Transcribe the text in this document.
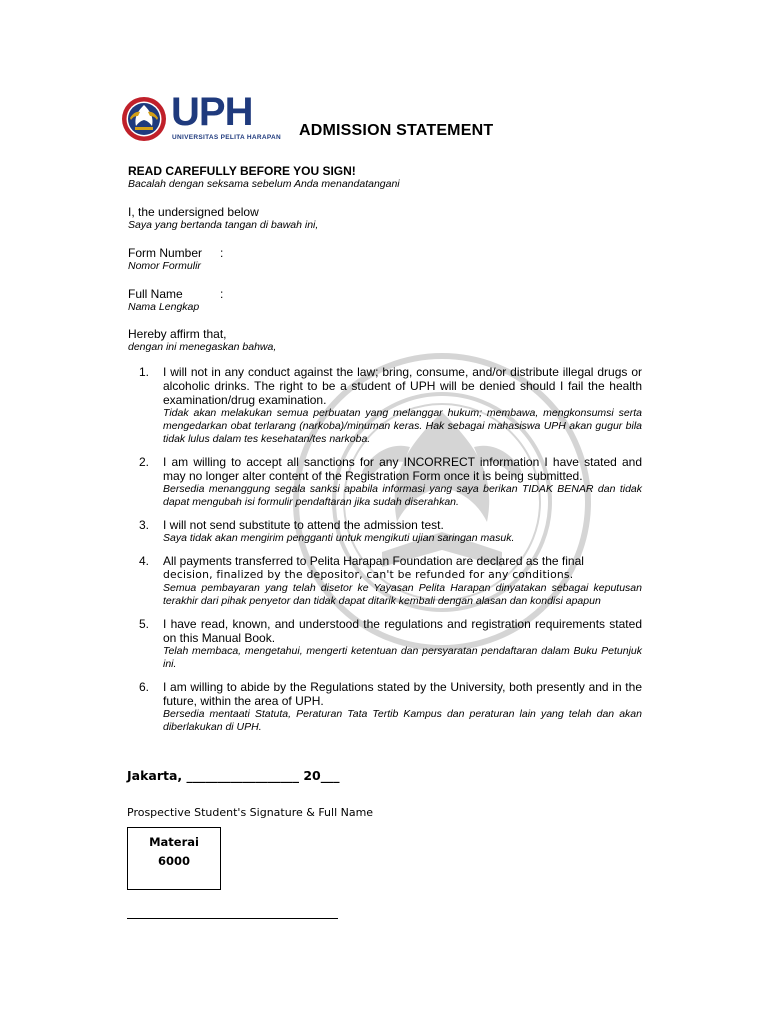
UPH
UNIVERSITAS PELITA HARAPAN ADMISSION STATEMENT
READ CAREFULLY BEFORE YOU SIGN!
Bacalah dengan seksama sebelum Anda menandatangani
I, the undersigned below
Saya yang bertanda tangan di bawah ini,
Form Number :
Nomor Formulir
Full Name	:
Nama Lengkap
Hereby affirm that,
dengan ini menegaskan bahwa,
1. I will not in any conduct against the law; bring, consume, and/or distribute illegal drugs or alcoholic drinks. The right to be a student of UPH will be denied should I fail the health examination/drug examination.
Tidak akan melakukan semua perbuatan yang melanggar hukum; membawa, mengkonsumsi serta mengedarkan obat terlarang (narkoba)/minuman keras. Hak sebagai mahasiswa UPH akan gugur bila tidak lulus dalam tes kesehatan/tes narkoba.
2. I am willing to accept all sanctions for any INCORRECT information I have stated and may no longer alter content of the Registration Form once it is being submitted.
Bersedia menanggung segala sanksi apabila informasi yang saya berikan TIDAK BENAR dan tidak dapat mengubah isi formulir pendaftaran jika sudah diserahkan.
3. I will not send substitute to attend the admission test.
Saya tidak akan mengirim pengganti untuk mengikuti ujian saringan masuk.
4. All payments transferred to Pelita Harapan Foundation are declared as the final
decision, finalized by the depositor, can't be refunded for any conditions.
Semua pembayaran yang telah disetor ke Yayasan Pelita Harapan dinyatakan sebagai keputusan terakhir dari pihak penyetor dan tidak dapat ditarik kembali dengan alasan dan kondisi apapun
5. I have read, known, and understood the regulations and registration requirements stated on this Manual Book.
Telah membaca, mengetahui, mengerti ketentuan dan persyaratan pendaftaran dalam Buku Petunjuk ini.
6. I am willing to abide by the Regulations stated by the University, both presently and in the future, within the area of UPH.
Bersedia mentaati Statuta, Peraturan Tata Tertib Kampus dan peraturan lain yang telah dan akan diberlakukan di UPH.
Jakarta, __________________ 20___
Prospective Student's Signature & Full Name
Materai
6000
